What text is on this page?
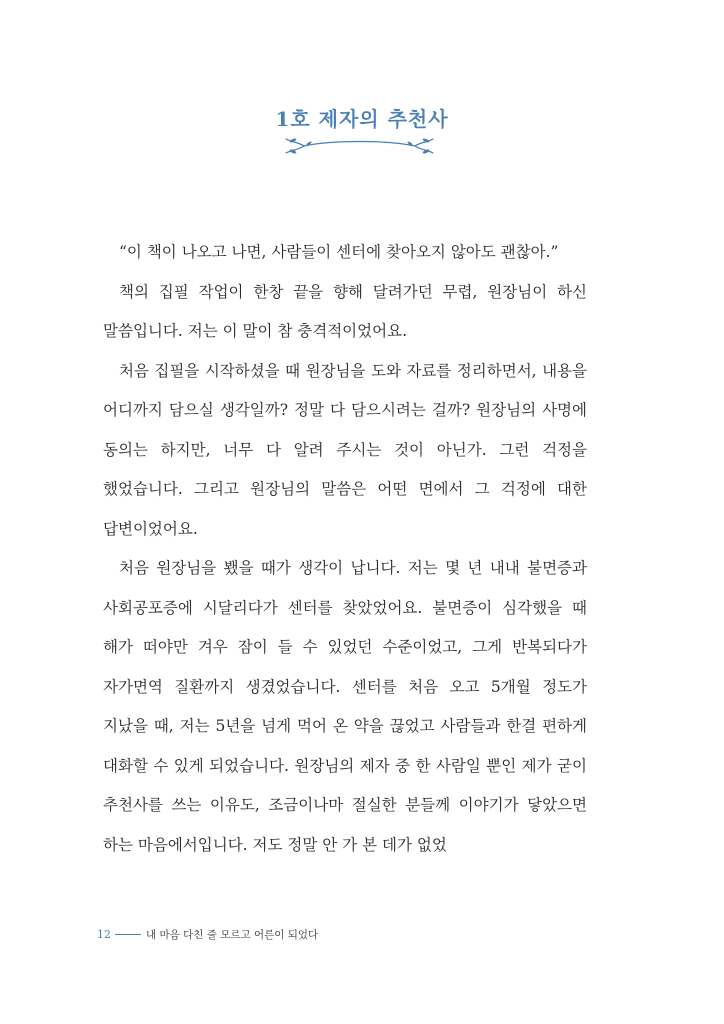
1호 제자의 추천사

“이 책이 나오고 나면, 사람들이 센터에 찾아오지 않아도 괜찮아.”

책의 집필 작업이 한창 끝을 향해 달려가던 무렵, 원장님이 하신 말씀입니다. 저는 이 말이 참 충격적이었어요.

처음 집필을 시작하셨을 때 원장님을 도와 자료를 정리하면서, 내용을 어디까지 담으실 생각일까? 정말 다 담으시려는 걸까? 원장님의 사명에 동의는 하지만, 너무 다 알려 주시는 것이 아닌가. 그런 걱정을 했었습니다. 그리고 원장님의 말씀은 어떤 면에서 그 걱정에 대한 답변이었어요.

처음 원장님을 뵀을 때가 생각이 납니다. 저는 몇 년 내내 불면증과 사회공포증에 시달리다가 센터를 찾았었어요. 불면증이 심각했을 때 해가 떠야만 겨우 잠이 들 수 있었던 수준이었고, 그게 반복되다가 자가면역 질환까지 생겼었습니다. 센터를 처음 오고 5개월 정도가 지났을 때, 저는 5년을 넘게 먹어 온 약을 끊었고 사람들과 한결 편하게 대화할 수 있게 되었습니다. 원장님의 제자 중 한 사람일 뿐인 제가 굳이 추천사를 쓰는 이유도, 조금이나마 절실한 분들께 이야기가 닿았으면 하는 마음에서입니다. 저도 정말 안 가 본 데가 없었

12	내 마음 다친 줄 모르고 어른이 되었다
